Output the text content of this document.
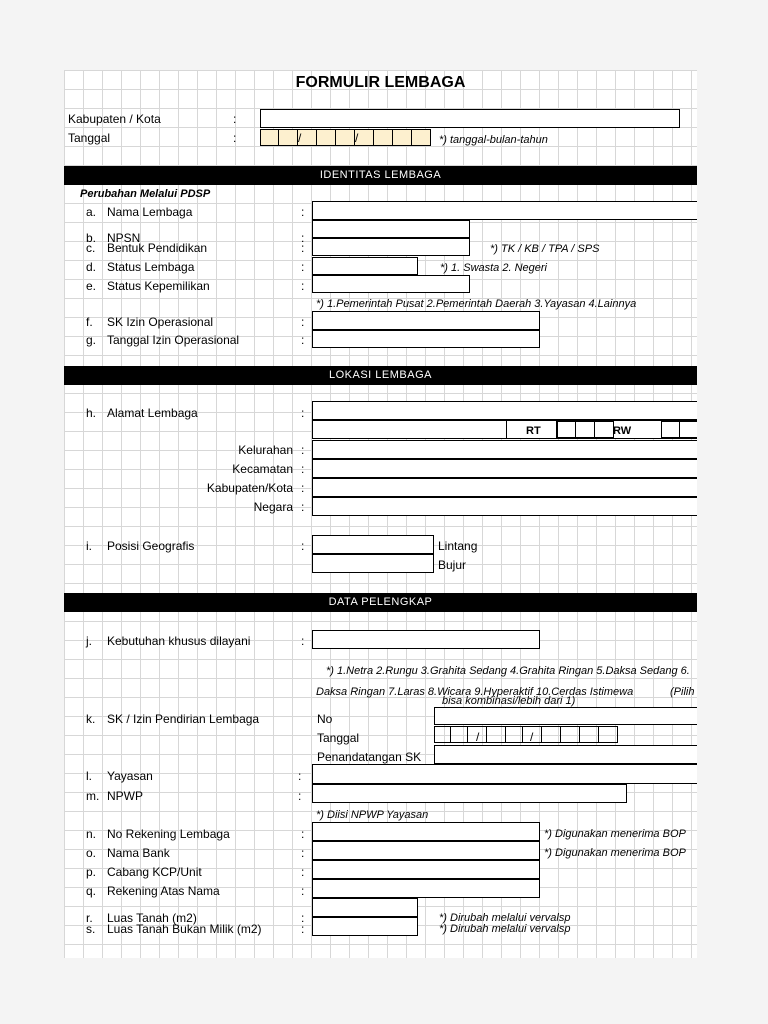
FORMULIR LEMBAGA
Kabupaten / Kota	:
Tanggal	:	/	/	*) tanggal-bulan-tahun
IDENTITAS LEMBAGA
Perubahan Melalui PDSP
a. Nama Lembaga	:
b. NPSN	:
c. Bentuk Pendidikan	:	*) TK / KB / TPA / SPS
d. Status Lembaga	:	*) 1. Swasta 2. Negeri
e. Status Kepemilikan	:
*) 1.Pemerintah Pusat 2.Pemerintah Daerah 3.Yayasan 4.Lainnya
f. SK Izin Operasional	:
g. Tanggal Izin Operasional	:
LOKASI LEMBAGA
h. Alamat Lembaga	:
RT	RW
Kelurahan :
Kecamatan :
Kabupaten/Kota :
Negara :
i. Posisi Geografis	:	Lintang
Bujur
DATA PELENGKAP
j. Kebutuhan khusus dilayani	:
*) 1.Netra 2.Rungu 3.Grahita Sedang 4.Grahita Ringan 5.Daksa Sedang 6.
Daksa Ringan 7.Laras 8.Wicara 9.Hyperaktif 10.Cerdas Istimewa	(Pilih
bisa kombinasi/lebih dari 1)
k. SK / Izin Pendirian Lembaga	No
Tanggal	/	/
Penandatangan SK
l. Yayasan	:
m. NPWP	:
*) Diisi NPWP Yayasan
n. No Rekening Lembaga	:	*) Digunakan menerima BOP
o. Nama Bank	:	*) Digunakan menerima BOP
p. Cabang KCP/Unit	:
q. Rekening Atas Nama	:
r. Luas Tanah (m2)	:	*) Dirubah melalui vervalsp
s. Luas Tanah Bukan Milik (m2)	:	*) Dirubah melalui vervalsp
